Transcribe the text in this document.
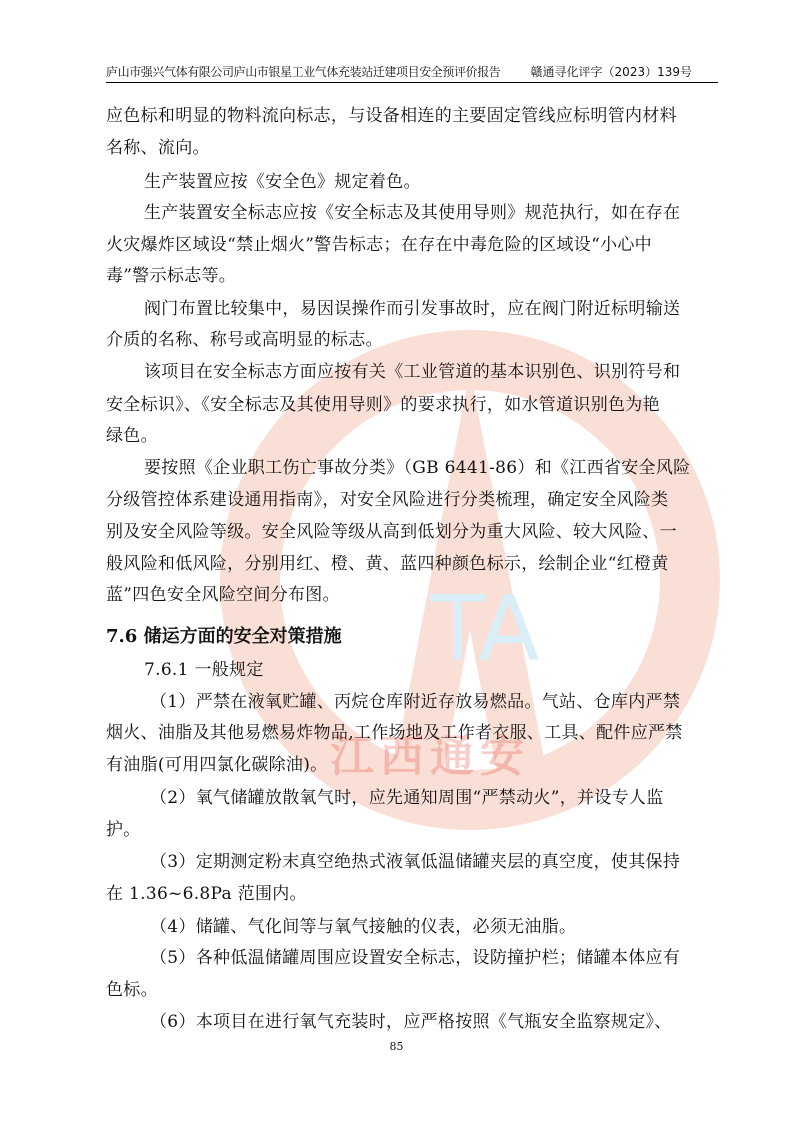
TA
江西通安
庐山市强兴气体有限公司庐山市银星工业气体充装站迁建项目安全预评价报告	赣通寻化评字（2023）139号
应色标和明显的物料流向标志，与设备相连的主要固定管线应标明管内材料
名称、流向。
生产装置应按《安全色》规定着色。
生产装置安全标志应按《安全标志及其使用导则》规范执行，如在存在
火灾爆炸区域设“禁止烟火”警告标志；在存在中毒危险的区域设“小心中
毒”警示标志等。
阀门布置比较集中，易因误操作而引发事故时，应在阀门附近标明输送
介质的名称、称号或高明显的标志。
该项目在安全标志方面应按有关《工业管道的基本识别色、识别符号和
安全标识》、《安全标志及其使用导则》的要求执行，如水管道识别色为艳
绿色。
要按照《企业职工伤亡事故分类》（GB 6441-86）和《江西省安全风险
分级管控体系建设通用指南》，对安全风险进行分类梳理，确定安全风险类
别及安全风险等级。安全风险等级从高到低划分为重大风险、较大风险、一
般风险和低风险，分别用红、橙、黄、蓝四种颜色标示，绘制企业“红橙黄
蓝”四色安全风险空间分布图。
7.6 储运方面的安全对策措施
7.6.1 一般规定
（1）严禁在液氧贮罐、丙烷仓库附近存放易燃品。气站、仓库内严禁
烟火、油脂及其他易燃易炸物品,工作场地及工作者衣服、工具、配件应严禁
有油脂(可用四氯化碳除油)。
（2）氧气储罐放散氧气时，应先通知周围“严禁动火”，并设专人监
护。
（3）定期测定粉末真空绝热式液氧低温储罐夹层的真空度，使其保持
在 1.36~6.8Pa 范围内。
（4）储罐、气化间等与氧气接触的仪表，必须无油脂。
（5）各种低温储罐周围应设置安全标志，设防撞护栏；储罐本体应有
色标。
（6）本项目在进行氧气充装时，应严格按照《气瓶安全监察规定》、
85
